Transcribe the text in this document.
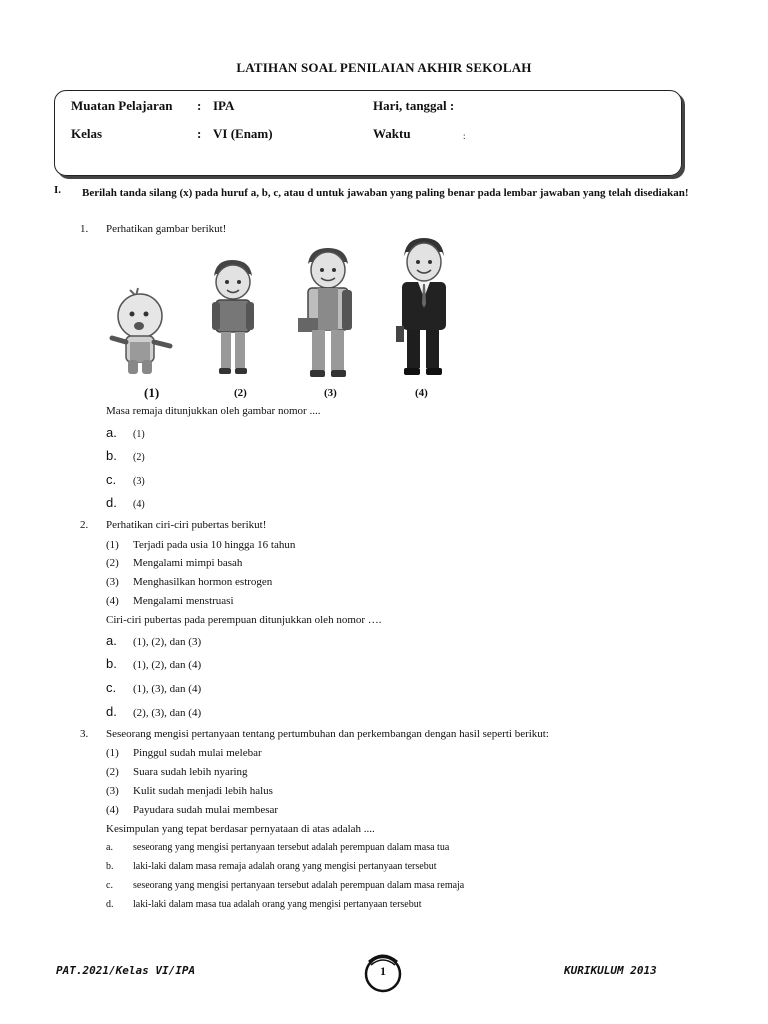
LATIHAN SOAL PENILAIAN AKHIR SEKOLAH
Muatan Pelajaran : IPA	Hari, tanggal :
Kelas	: VI (Enam)	Waktu	:
I. Berilah tanda silang (x) pada huruf a, b, c, atau d untuk jawaban yang paling benar pada lembar jawaban yang telah disediakan!
1. Perhatikan gambar berikut!
(1)	(2)	(3)	(4)
Masa remaja ditunjukkan oleh gambar nomor ....
a. (1)
b. (2)
c. (3)
d. (4)
2. Perhatikan ciri-ciri pubertas berikut!
(1) Terjadi pada usia 10 hingga 16 tahun
(2) Mengalami mimpi basah
(3) Menghasilkan hormon estrogen
(4) Mengalami menstruasi
Ciri-ciri pubertas pada perempuan ditunjukkan oleh nomor ….
a. (1), (2), dan (3)
b. (1), (2), dan (4)
c. (1), (3), dan (4)
d. (2), (3), dan (4)
3. Seseorang mengisi pertanyaan tentang pertumbuhan dan perkembangan dengan hasil seperti berikut:
(1) Pinggul sudah mulai melebar
(2) Suara sudah lebih nyaring
(3) Kulit sudah menjadi lebih halus
(4) Payudara sudah mulai membesar
Kesimpulan yang tepat berdasar pernyataan di atas adalah ....
a. seseorang yang mengisi pertanyaan tersebut adalah perempuan dalam masa tua
b. laki-laki dalam masa remaja adalah orang yang mengisi pertanyaan tersebut
c. seseorang yang mengisi pertanyaan tersebut adalah perempuan dalam masa remaja
d. laki-laki dalam masa tua adalah orang yang mengisi pertanyaan tersebut
PAT.2021/Kelas VI/IPA	1	KURIKULUM 2013
